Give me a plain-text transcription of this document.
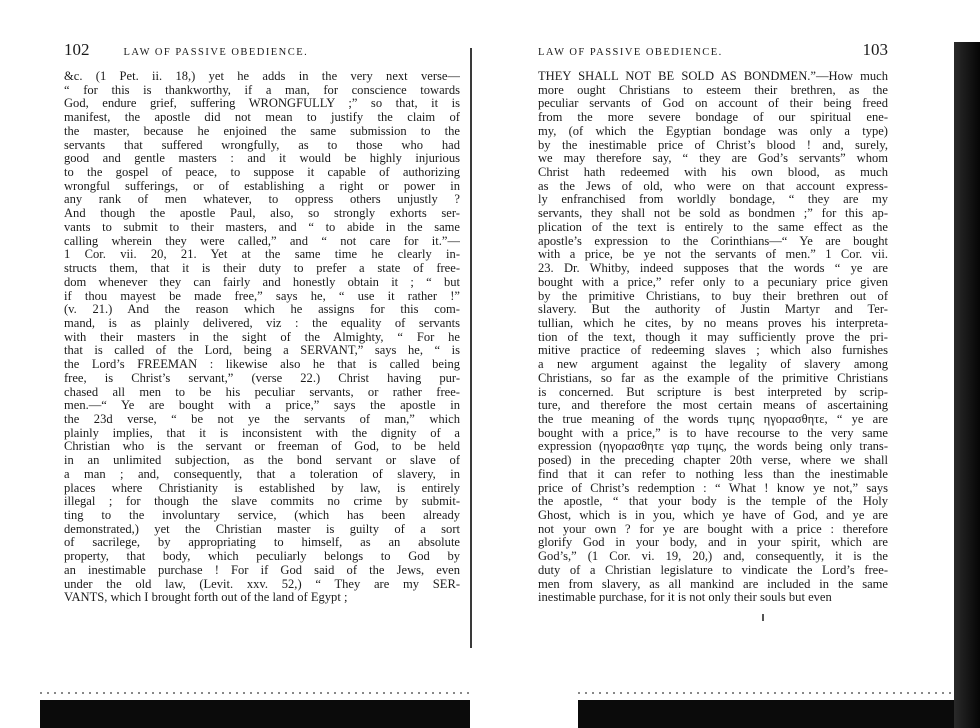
102	LAW OF PASSIVE OBEDIENCE.
&c. (1 Pet. ii. 18,) yet he adds in the very next verse—
“ for this is thankworthy, if a man, for conscience towards
God, endure grief, suffering WRONGFULLY ;” so that, it is
manifest, the apostle did not mean to justify the claim of
the master, because he enjoined the same submission to the
servants that suffered wrongfully, as to those who had
good and gentle masters : and it would be highly injurious
to the gospel of peace, to suppose it capable of authorizing
wrongful sufferings, or of establishing a right or power in
any rank of men whatever, to oppress others unjustly ?
And though the apostle Paul, also, so strongly exhorts ser-
vants to submit to their masters, and “ to abide in the same
calling wherein they were called,” and “ not care for it.”—
1 Cor. vii. 20, 21. Yet at the same time he clearly in-
structs them, that it is their duty to prefer a state of free-
dom whenever they can fairly and honestly obtain it ; “ but
if thou mayest be made free,” says he, “ use it rather !”
(v. 21.) And the reason which he assigns for this com-
mand, is as plainly delivered, viz : the equality of servants
with their masters in the sight of the Almighty, “ For he
that is called of the Lord, being a SERVANT,” says he, “ is
the Lord’s FREEMAN : likewise also he that is called being
free, is Christ’s servant,” (verse 22.) Christ having pur-
chased all men to be his peculiar servants, or rather free-
men.—“ Ye are bought with a price,” says the apostle in
the 23d verse, “ be not ye the servants of man,” which
plainly implies, that it is inconsistent with the dignity of a
Christian who is the servant or freeman of God, to be held
in an unlimited subjection, as the bond servant or slave of
a man ; and, consequently, that a toleration of slavery, in
places where Christianity is established by law, is entirely
illegal ; for though the slave commits no crime by submit-
ting to the involuntary service, (which has been already
demonstrated,) yet the Christian master is guilty of a sort
of sacrilege, by appropriating to himself, as an absolute
property, that body, which peculiarly belongs to God by
an inestimable purchase ! For if God said of the Jews, even
under the old law, (Levit. xxv. 52,) “ They are my SER-
VANTS, which I brought forth out of the land of Egypt ;
LAW OF PASSIVE OBEDIENCE.	103
THEY SHALL NOT BE SOLD AS BONDMEN.”—How much
more ought Christians to esteem their brethren, as the
peculiar servants of God on account of their being freed
from the more severe bondage of our spiritual ene-
my, (of which the Egyptian bondage was only a type)
by the inestimable price of Christ’s blood ! and, surely,
we may therefore say, “ they are God’s servants” whom
Christ hath redeemed with his own blood, as much
as the Jews of old, who were on that account express-
ly enfranchised from worldly bondage, “ they are my
servants, they shall not be sold as bondmen ;” for this ap-
plication of the text is entirely to the same effect as the
apostle’s expression to the Corinthians—“ Ye are bought
with a price, be ye not the servants of men.” 1 Cor. vii.
23. Dr. Whitby, indeed supposes that the words “ ye are
bought with a price,” refer only to a pecuniary price given
by the primitive Christians, to buy their brethren out of
slavery. But the authority of Justin Martyr and Ter-
tullian, which he cites, by no means proves his interpreta-
tion of the text, though it may sufficiently prove the pri-
mitive practice of redeeming slaves ; which also furnishes
a new argument against the legality of slavery among
Christians, so far as the example of the primitive Christians
is concerned. But scripture is best interpreted by scrip-
ture, and therefore the most certain means of ascertaining
the true meaning of the words τιμης ηγορασθητε, “ ye are
bought with a price,” is to have recourse to the very same
expression (ηγορασθητε γαρ τιμης, the words being only trans-
posed) in the preceding chapter 20th verse, where we shall
find that it can refer to nothing less than the inestimable
price of Christ’s redemption : “ What ! know ye not,” says
the apostle, “ that your body is the temple of the Holy
Ghost, which is in you, which ye have of God, and ye are
not your own ? for ye are bought with a price : therefore
glorify God in your body, and in your spirit, which are
God’s,” (1 Cor. vi. 19, 20,) and, consequently, it is the
duty of a Christian legislature to vindicate the Lord’s free-
men from slavery, as all mankind are included in the same
inestimable purchase, for it is not only their souls but even
